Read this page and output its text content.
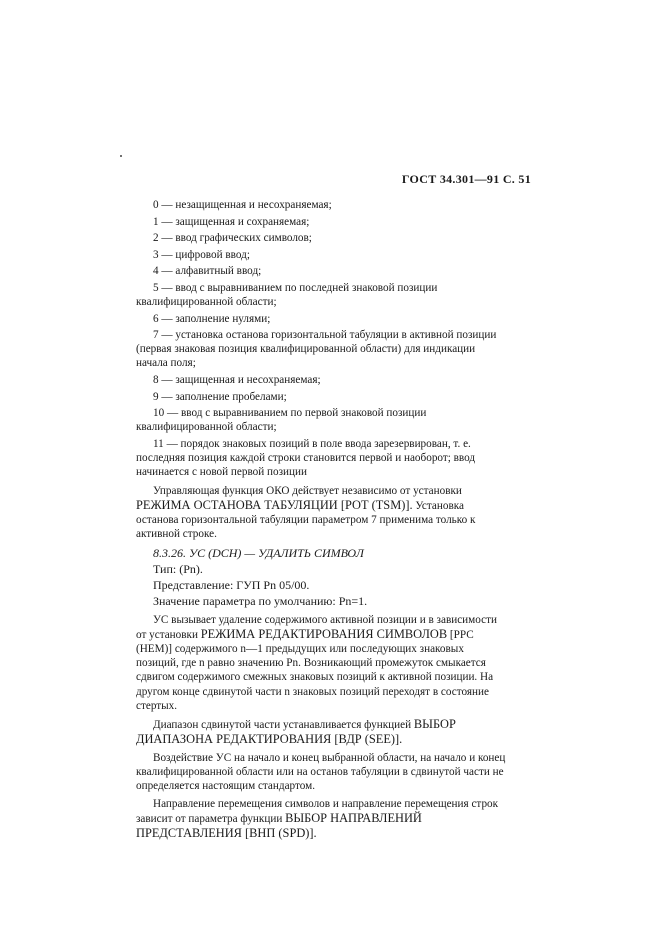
ГОСТ 34.301—91 С. 51

0 — незащищенная и несохраняемая;

1 — защищенная и сохраняемая;

2 — ввод графических символов;

3 — цифровой ввод;

4 — алфавитный ввод;

5 — ввод с выравниванием по последней знаковой позиции квалифицированной области;

6 — заполнение нулями;

7 — установка останова горизонтальной табуляции в активной позиции (первая знаковая позиция квалифицированной области) для индикации начала поля;

8 — защищенная и несохраняемая;

9 — заполнение пробелами;

10 — ввод с выравниванием по первой знаковой позиции квалифицированной области;

11 — порядок знаковых позиций в поле ввода зарезервирован, т. е. последняя позиция каждой строки становится первой и наоборот; ввод начинается с новой первой позиции

Управляющая функция ОКО действует независимо от установки РЕЖИМА ОСТАНОВА ТАБУЛЯЦИИ [РОТ (TSM)]. Установка останова горизонтальной табуляции параметром 7 применима только к активной строке.

8.3.26. УС (DCH) — УДАЛИТЬ СИМВОЛ

Тип: (Pn).

Представление: ГУП Pn 05/00.

Значение параметра по умолчанию: Pn=1.

УС вызывает удаление содержимого активной позиции и в зависимости от установки РЕЖИМА РЕДАКТИРОВАНИЯ СИМВОЛОВ [РРС (HEM)] содержимого n—1 предыдущих или последующих знаковых позиций, где n равно значению Pn. Возникающий промежуток смыкается сдвигом содержимого смежных знаковых позиций к активной позиции. На другом конце сдвинутой части n знаковых позиций переходят в состояние стертых.

Диапазон сдвинутой части устанавливается функцией ВЫБОР ДИАПАЗОНА РЕДАКТИРОВАНИЯ [ВДР (SEE)].

Воздействие УС на начало и конец выбранной области, на начало и конец квалифицированной области или на останов табуляции в сдвинутой части не определяется настоящим стандартом.

Направление перемещения символов и направление перемещения строк зависит от параметра функции ВЫБОР НАПРАВЛЕНИЙ ПРЕДСТАВЛЕНИЯ [ВНП (SPD)].
